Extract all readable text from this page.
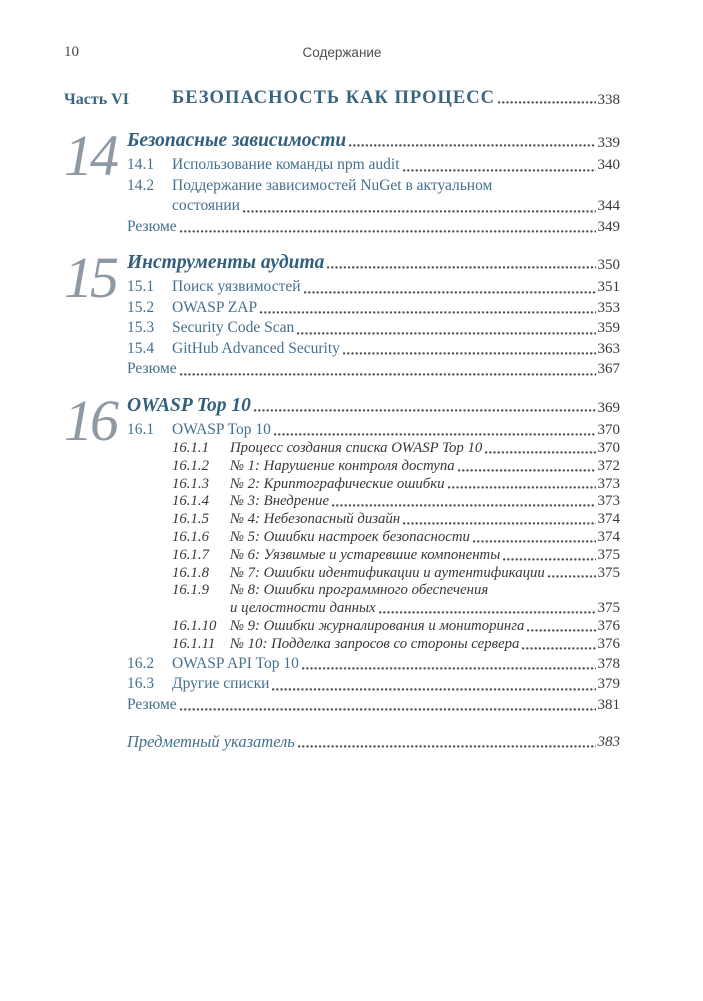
10	Содержание
Часть VI	БЕЗОПАСНОСТЬ КАК ПРОЦЕСС	338
14 Безопасные зависимости	339
14.1	Использование команды npm audit	340
14.2	Поддержание зависимостей NuGet в актуальном
состоянии	344
Резюме	349
15 Инструменты аудита	350
15.1	Поиск уязвимостей	351
15.2	OWASP ZAP	353
15.3	Security Code Scan	359
15.4	GitHub Advanced Security	363
Резюме	367
16 OWASP Top 10	369
16.1	OWASP Top 10	370
16.1.1	Процесс создания списка OWASP Top 10	370
16.1.2	№ 1: Нарушение контроля доступа	372
16.1.3	№ 2: Криптографические ошибки	373
16.1.4	№ 3: Внедрение	373
16.1.5	№ 4: Небезопасный дизайн	374
16.1.6	№ 5: Ошибки настроек безопасности	374
16.1.7	№ 6: Уязвимые и устаревшие компоненты	375
16.1.8	№ 7: Ошибки идентификации и аутентификации	375
16.1.9	№ 8: Ошибки программного обеспечения
и целостности данных	375
16.1.10 № 9: Ошибки журналирования и мониторинга	376
16.1.11 № 10: Подделка запросов со стороны сервера	376
16.2	OWASP API Top 10	378
16.3	Другие списки	379
Резюме	381
Предметный указатель	383
